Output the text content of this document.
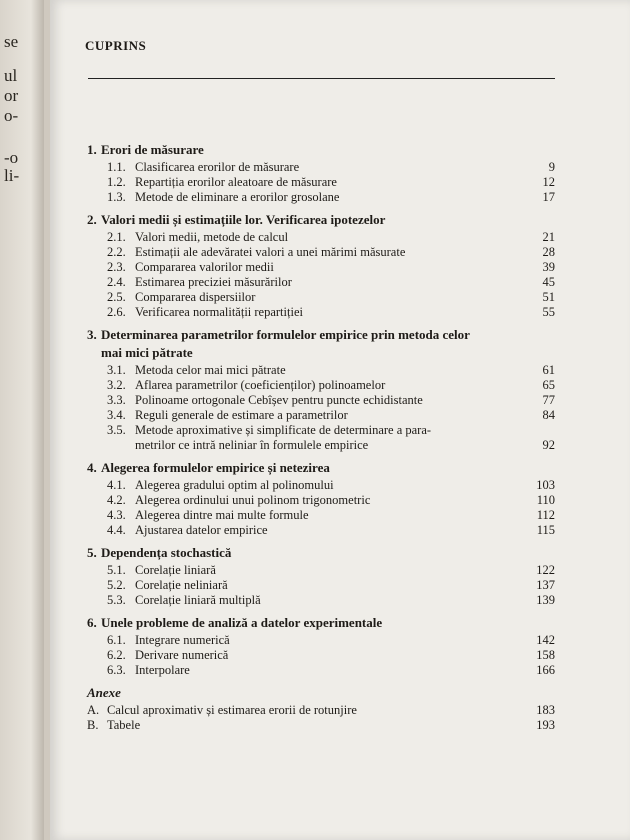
se
ul
or
o-
-o
li-
CUPRINS
1. Erori de măsurare
1.1. Clasificarea erorilor de măsurare	9
1.2. Repartiția erorilor aleatoare de măsurare	12
1.3. Metode de eliminare a erorilor grosolane	17
2. Valori medii și estimațiile lor. Verificarea ipotezelor
2.1. Valori medii, metode de calcul	21
2.2. Estimații ale adevăratei valori a unei mărimi măsurate	28
2.3. Compararea valorilor medii	39
2.4. Estimarea preciziei măsurărilor	45
2.5. Compararea dispersiilor	51
2.6. Verificarea normalității repartiției	55
3. Determinarea parametrilor formulelor empirice prin metoda celor
mai mici pătrate
3.1. Metoda celor mai mici pătrate	61
3.2. Aflarea parametrilor (coeficienților) polinoamelor	65
3.3. Polinoame ortogonale Cebîșev pentru puncte echidistante	77
3.4. Reguli generale de estimare a parametrilor	84
3.5. Metode aproximative și simplificate de determinare a para-
metrilor ce intră neliniar în formulele empirice	92
4. Alegerea formulelor empirice și netezirea
4.1. Alegerea gradului optim al polinomului	103
4.2. Alegerea ordinului unui polinom trigonometric	110
4.3. Alegerea dintre mai multe formule	112
4.4. Ajustarea datelor empirice	115
5. Dependența stochastică
5.1. Corelație liniară	122
5.2. Corelație neliniară	137
5.3. Corelație liniară multiplă	139
6. Unele probleme de analiză a datelor experimentale
6.1. Integrare numerică	142
6.2. Derivare numerică	158
6.3. Interpolare	166
Anexe
A. Calcul aproximativ și estimarea erorii de rotunjire	183
B. Tabele	193
